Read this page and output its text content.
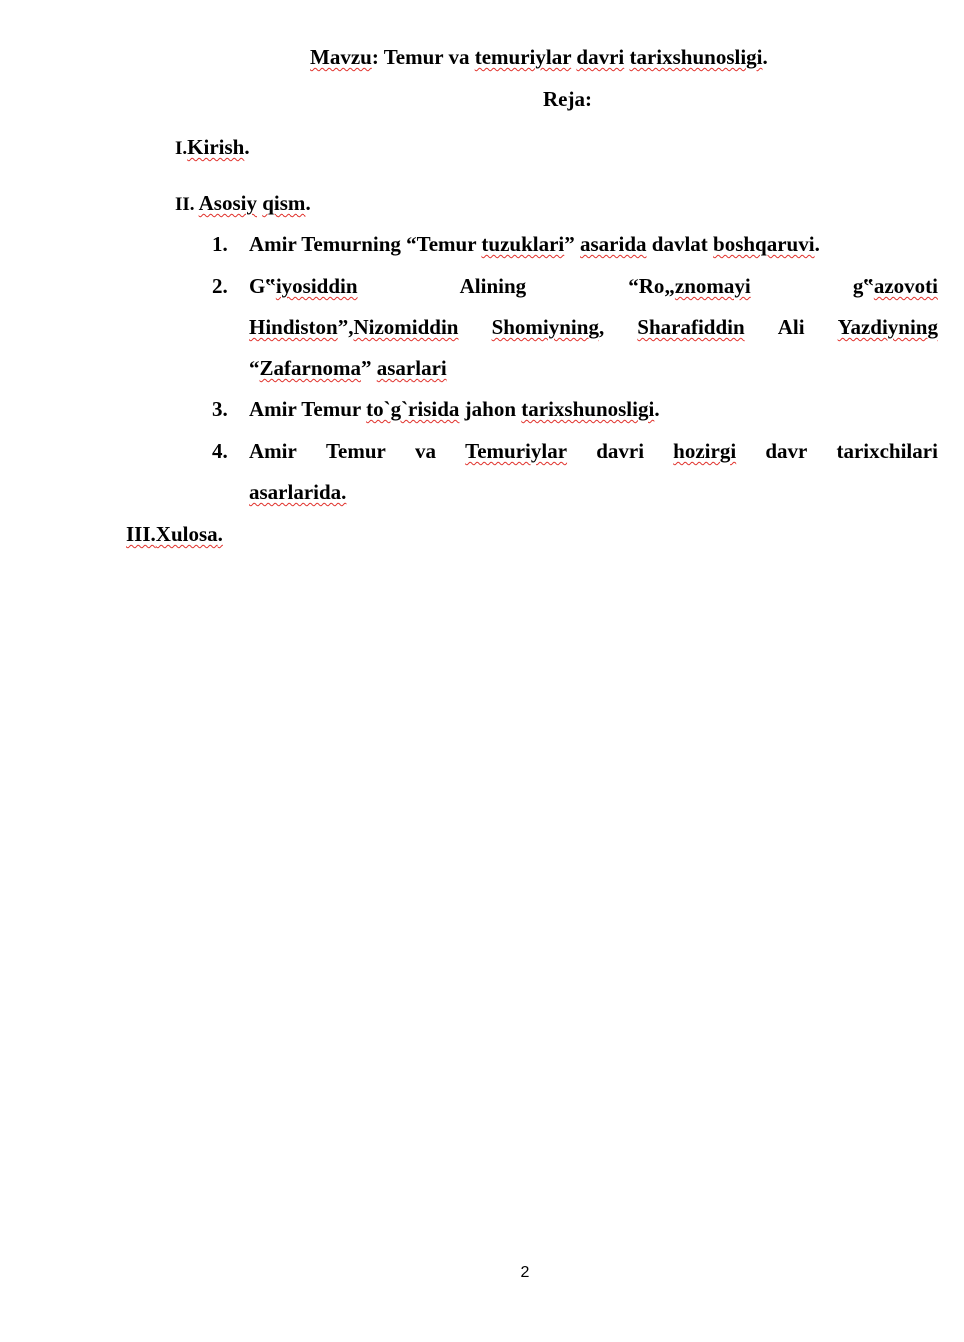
Mavzu: Temur va temuriylar davri tarixshunosligi.
Reja:
I.Kirish.
II. Asosiy qism.
1. Amir Temurning “Temur tuzuklari” asarida davlat boshqaruvi.
2. G‟iyosiddin	Alining	“Ro„znomayi	g‟azovoti
Hindiston”,Nizomiddin Shomiyning, Sharafiddin Ali Yazdiyning
“Zafarnoma” asarlari
3. Amir Temur to`g`risida jahon tarixshunosligi.
4. Amir Temur va Temuriylar davri hozirgi davr tarixchilari
asarlarida.
III.Xulosa.
2
